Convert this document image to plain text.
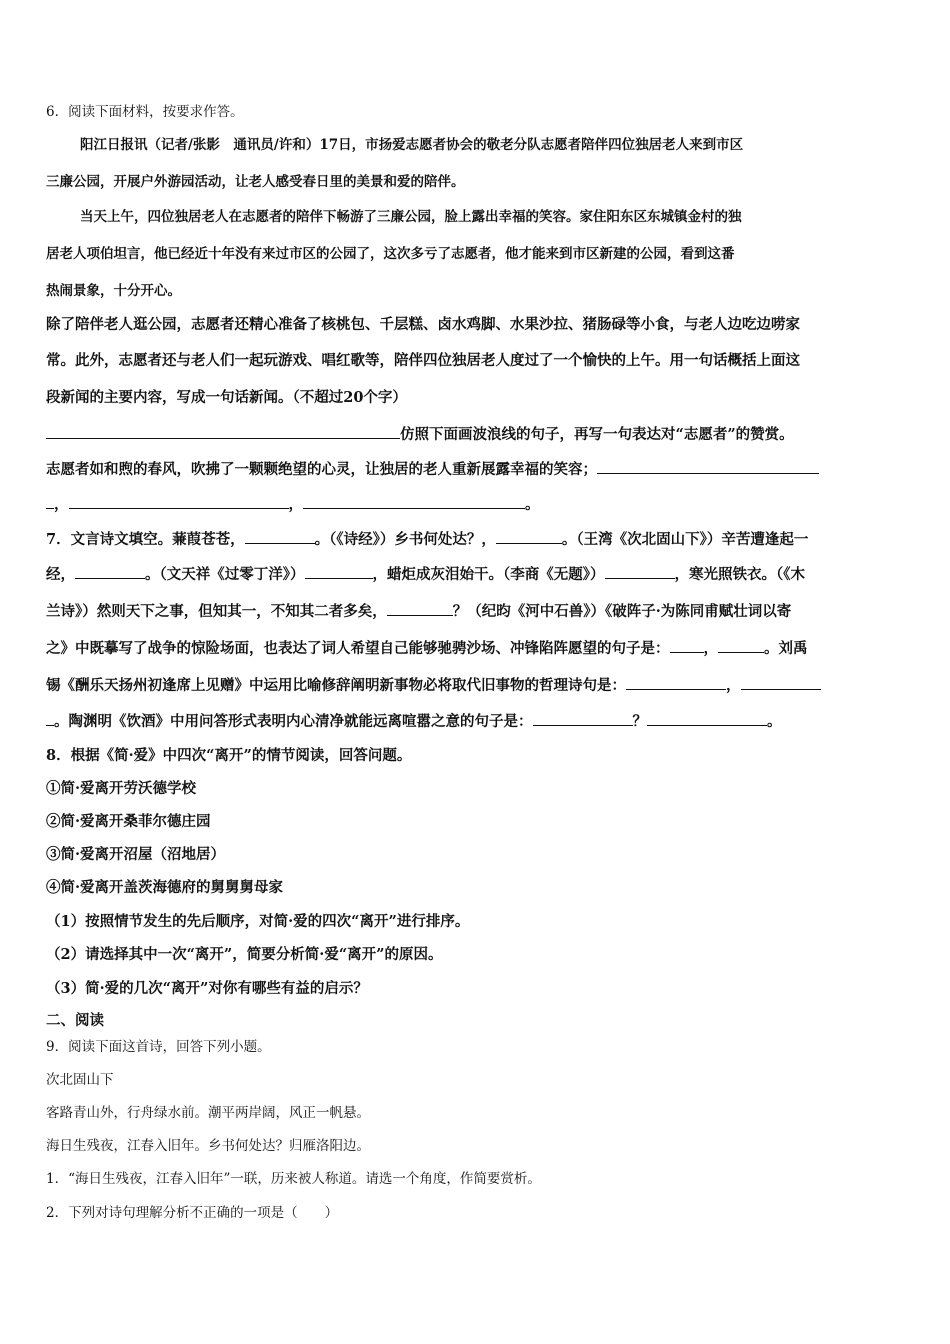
6．阅读下面材料，按要求作答。

阳江日报讯（记者/张影　通讯员/许和）17日，市扬爱志愿者协会的敬老分队志愿者陪伴四位独居老人来到市区

三廉公园，开展户外游园活动，让老人感受春日里的美景和爱的陪伴。

当天上午，四位独居老人在志愿者的陪伴下畅游了三廉公园，脸上露出幸福的笑容。家住阳东区东城镇金村的独

居老人项伯坦言，他已经近十年没有来过市区的公园了，这次多亏了志愿者，他才能来到市区新建的公园，看到这番

热闹景象，十分开心。

除了陪伴老人逛公园，志愿者还精心准备了核桃包、千层糕、卤水鸡脚、水果沙拉、猪肠碌等小食，与老人边吃边唠家

常。此外，志愿者还与老人们一起玩游戏、唱红歌等，陪伴四位独居老人度过了一个愉快的上午。用一句话概括上面这

段新闻的主要内容，写成一句话新闻。（不超过20个字）

仿照下面画波浪线的句子，再写一句表达对“志愿者”的赞赏。

志愿者如和煦的春风，吹拂了一颗颗绝望的心灵，让独居的老人重新展露幸福的笑容；

，	，	。

7．文言诗文填空。蒹葭苍苍，	。（《诗经》）乡书何处达？，	。（王湾《次北固山下》）辛苦遭逢起一

经，	。（文天祥《过零丁洋》）	，蜡炬成灰泪始干。（李商《无题》）	，寒光照铁衣。（《木

兰诗》）然则天下之事，但知其一，不知其二者多矣，	？（纪昀《河中石兽》）《破阵子·为陈同甫赋壮词以寄

之》中既摹写了战争的惊险场面，也表达了词人希望自己能够驰骋沙场、冲锋陷阵愿望的句子是： ，	。刘禹

锡《酬乐天扬州初逢席上见赠》中运用比喻修辞阐明新事物必将取代旧事物的哲理诗句是：	，

。陶渊明《饮酒》中用问答形式表明内心清净就能远离喧嚣之意的句子是：	？	。

8．根据《简·爱》中四次“离开”的情节阅读，回答问题。

①简·爱离开劳沃德学校

②简·爱离开桑菲尔德庄园

③简·爱离开沼屋（沼地居）

④简·爱离开盖茨海德府的舅舅舅母家

（1）按照情节发生的先后顺序，对简·爱的四次“离开”进行排序。

（2）请选择其中一次“离开”，简要分析简·爱“离开”的原因。

（3）简·爱的几次“离开”对你有哪些有益的启示？

二、阅读

9．阅读下面这首诗，回答下列小题。

次北固山下

客路青山外，行舟绿水前。潮平两岸阔，风正一帆悬。

海日生残夜，江春入旧年。乡书何处达？归雁洛阳边。

1．“海日生残夜，江春入旧年”一联，历来被人称道。请选一个角度，作简要赏析。

2．下列对诗句理解分析不正确的一项是（　　）
